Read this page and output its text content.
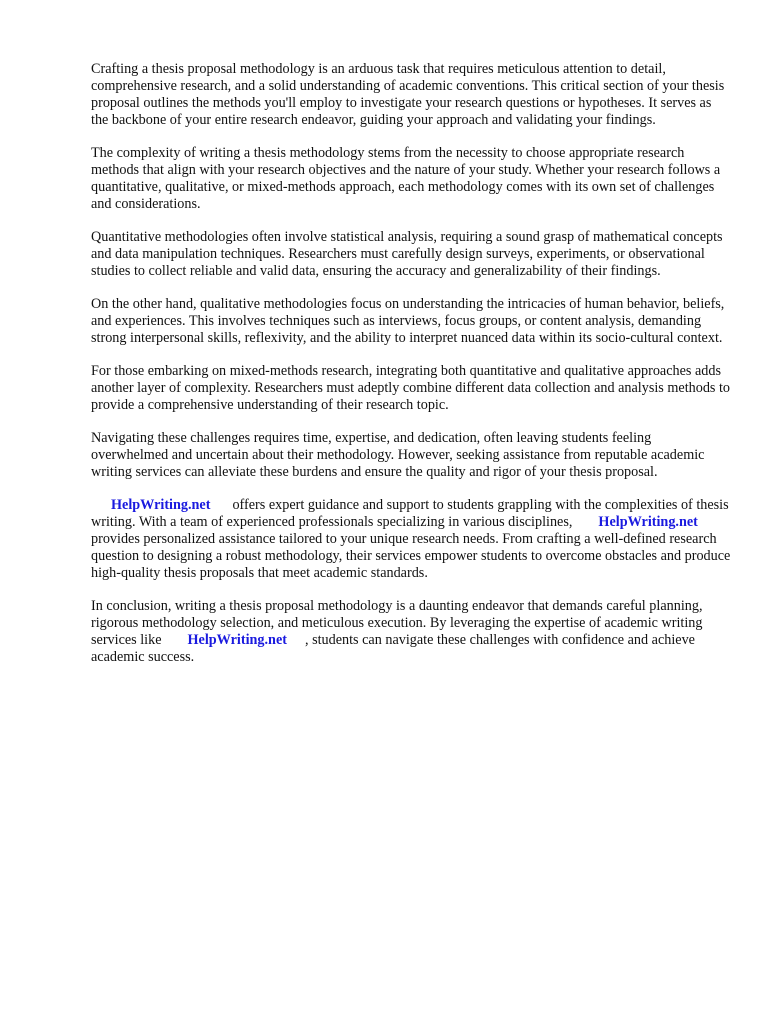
Crafting a thesis proposal methodology is an arduous task that requires meticulous attention to detail, comprehensive research, and a solid understanding of academic conventions. This critical section of your thesis proposal outlines the methods you'll employ to investigate your research questions or hypotheses. It serves as the backbone of your entire research endeavor, guiding your approach and validating your findings.

The complexity of writing a thesis methodology stems from the necessity to choose appropriate research methods that align with your research objectives and the nature of your study. Whether your research follows a quantitative, qualitative, or mixed-methods approach, each methodology comes with its own set of challenges and considerations.

Quantitative methodologies often involve statistical analysis, requiring a sound grasp of mathematical concepts and data manipulation techniques. Researchers must carefully design surveys, experiments, or observational studies to collect reliable and valid data, ensuring the accuracy and generalizability of their findings.

On the other hand, qualitative methodologies focus on understanding the intricacies of human behavior, beliefs, and experiences. This involves techniques such as interviews, focus groups, or content analysis, demanding strong interpersonal skills, reflexivity, and the ability to interpret nuanced data within its socio-cultural context.

For those embarking on mixed-methods research, integrating both quantitative and qualitative approaches adds another layer of complexity. Researchers must adeptly combine different data collection and analysis methods to provide a comprehensive understanding of their research topic.

Navigating these challenges requires time, expertise, and dedication, often leaving students feeling overwhelmed and uncertain about their methodology. However, seeking assistance from reputable academic writing services can alleviate these burdens and ensure the quality and rigor of your thesis proposal.

HelpWriting.net offers expert guidance and support to students grappling with the complexities of thesis writing. With a team of experienced professionals specializing in various disciplines, HelpWriting.netprovides personalized assistance tailored to your unique research needs. From crafting a well-defined research question to designing a robust methodology, their services empower students to overcome obstacles and produce high-quality thesis proposals that meet academic standards.

In conclusion, writing a thesis proposal methodology is a daunting endeavor that demands careful planning, rigorous methodology selection, and meticulous execution. By leveraging the expertise of academic writing services like HelpWriting.net , students can navigate these challenges with confidence and achieve academic success.
